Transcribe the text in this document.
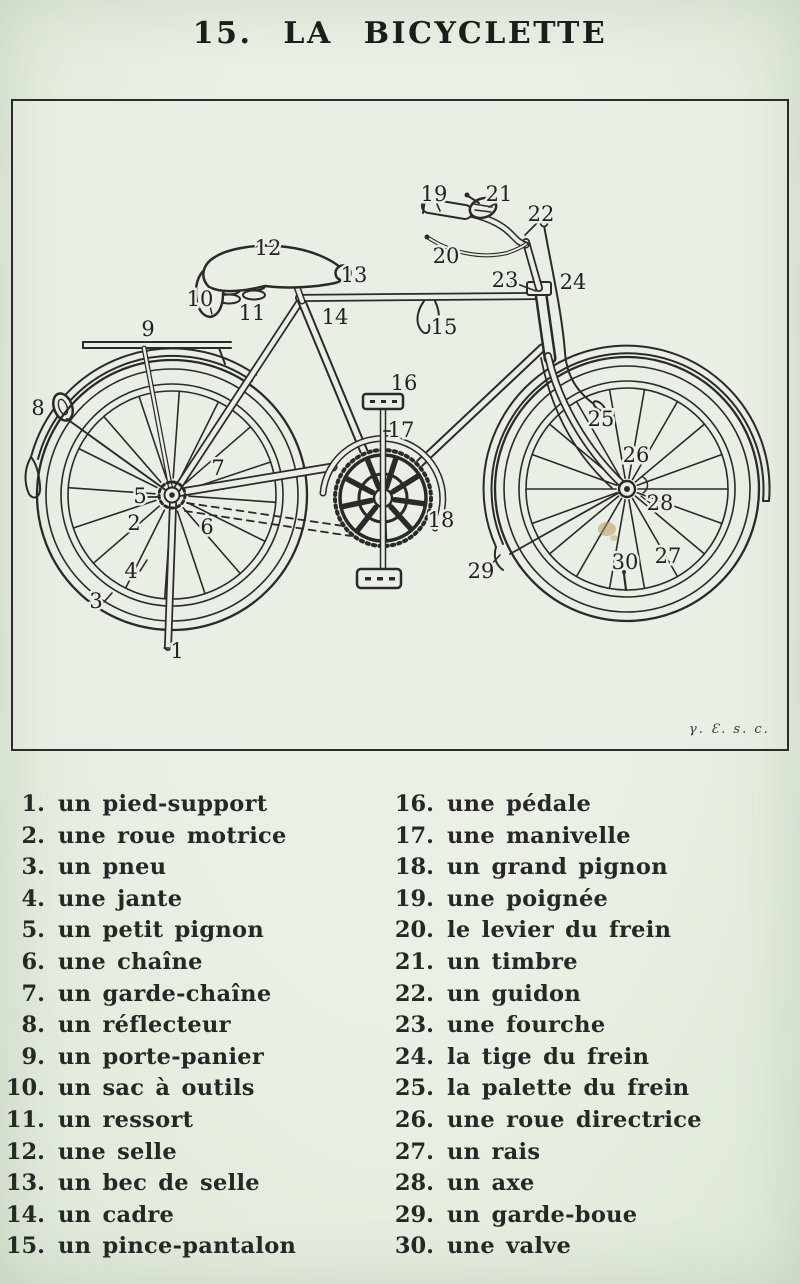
15. LA BICYCLETTE
1
2
3
4
5
6
7
8
9
10
11
12
13
14	15
16
17
18
19
20
21
22
23 24
25
26
27
28
29	30
γ. Ɛ. s. c.
1. un pied-support
2. une roue motrice
3. un pneu
4. une jante
5. un petit pignon
6. une chaîne
7. un garde-chaîne
8. un réflecteur
9. un porte-panier
10. un sac à outils
11. un ressort
12. une selle
13. un bec de selle
14. un cadre
15. un pince-pantalon
16. une pédale
17. une manivelle
18. un grand pignon
19. une poignée
20. le levier du frein
21. un timbre
22. un guidon
23. une fourche
24. la tige du frein
25. la palette du frein
26. une roue directrice
27. un rais
28. un axe
29. un garde-boue
30. une valve
